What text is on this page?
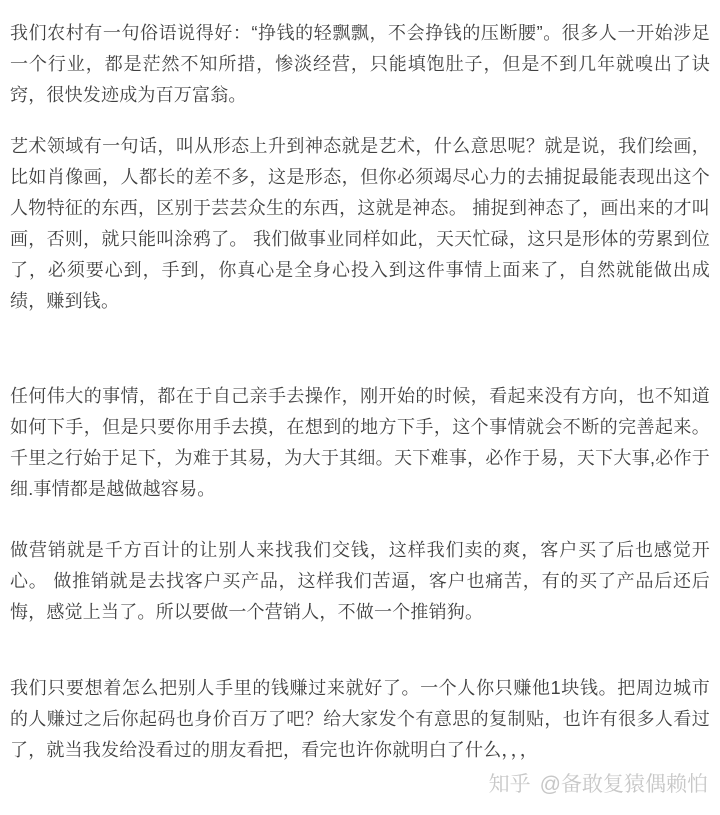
我们农村有一句俗语说得好：“挣钱的轻飘飘，不会挣钱的压断腰”。很多人一开始涉足一个行业，都是茫然不知所措，惨淡经营，只能填饱肚子，但是不到几年就嗅出了诀窍，很快发迹成为百万富翁。

艺术领域有一句话，叫从形态上升到神态就是艺术，什么意思呢？就是说，我们绘画，比如肖像画，人都长的差不多，这是形态，但你必须竭尽心力的去捕捉最能表现出这个人物特征的东西，区别于芸芸众生的东西，这就是神态。 捕捉到神态了，画出来的才叫画，否则，就只能叫涂鸦了。 我们做事业同样如此，天天忙碌，这只是形体的劳累到位了，必须要心到，手到，你真心是全身心投入到这件事情上面来了，自然就能做出成绩，赚到钱。

任何伟大的事情，都在于自己亲手去操作，刚开始的时候，看起来没有方向，也不知道如何下手，但是只要你用手去摸，在想到的地方下手，这个事情就会不断的完善起来。千里之行始于足下，为难于其易，为大于其细。天下难事，必作于易，天下大事,必作于细.事情都是越做越容易。

做营销就是千方百计的让别人来找我们交钱，这样我们卖的爽，客户买了后也感觉开心。 做推销就是去找客户买产品，这样我们苦逼，客户也痛苦，有的买了产品后还后悔，感觉上当了。所以要做一个营销人，不做一个推销狗。

我们只要想着怎么把别人手里的钱赚过来就好了。一个人你只赚他1块钱。把周边城市的人赚过之后你起码也身价百万了吧？给大家发个有意思的复制贴，也许有很多人看过了，就当我发给没看过的朋友看把，看完也许你就明白了什么，，，

知乎 @备敢复猿偶赖怕
